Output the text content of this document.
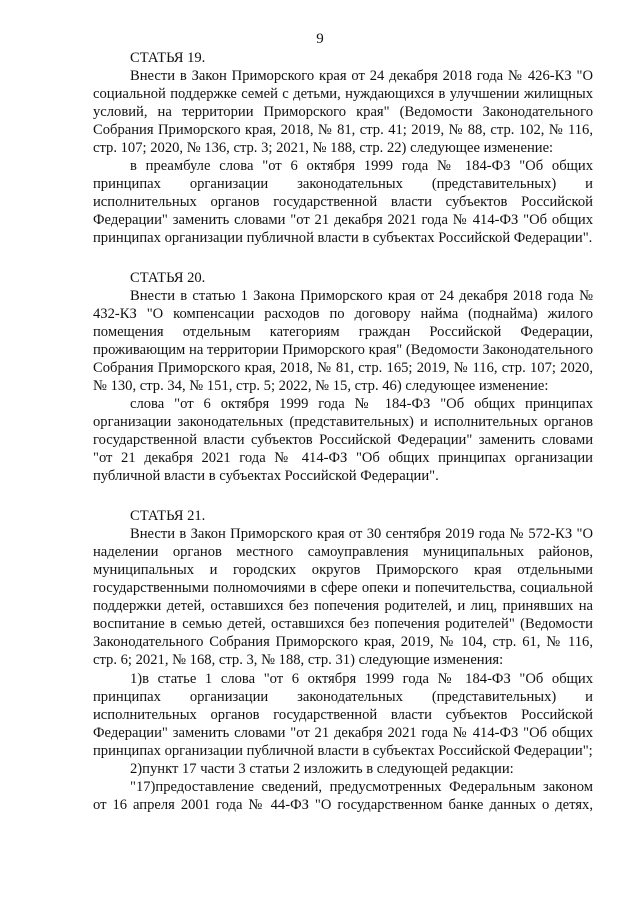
9
СТАТЬЯ 19.

Внести в Закон Приморского края от 24 декабря 2018 года № 426-КЗ "О социальной поддержке семей с детьми, нуждающихся в улучшении жилищных условий, на территории Приморского края" (Ведомости Законодательного Собрания Приморского края, 2018, № 81, стр. 41; 2019, № 88, стр. 102, № 116, стр. 107; 2020, № 136, стр. 3; 2021, № 188, стр. 22) следующее изменение:

в преамбуле слова "от 6 октября 1999 года № 184-ФЗ "Об общих принципах организации законодательных (представительных) и исполнительных органов государственной власти субъектов Российской Федерации" заменить словами "от 21 декабря 2021 года № 414-ФЗ "Об общих принципах организации публичной власти в субъектах Российской Федерации".

СТАТЬЯ 20.

Внести в статью 1 Закона Приморского края от 24 декабря 2018 года № 432-КЗ "О компенсации расходов по договору найма (поднайма) жилого помещения отдельным категориям граждан Российской Федерации, проживающим на территории Приморского края" (Ведомости Законодательного Собрания Приморского края, 2018, № 81, стр. 165; 2019, № 116, стр. 107; 2020, № 130, стр. 34, № 151, стр. 5; 2022, № 15, стр. 46) следующее изменение:

слова "от 6 октября 1999 года № 184-ФЗ "Об общих принципах организации законодательных (представительных) и исполнительных органов государственной власти субъектов Российской Федерации" заменить словами "от 21 декабря 2021 года № 414-ФЗ "Об общих принципах организации публичной власти в субъектах Российской Федерации".

СТАТЬЯ 21.

Внести в Закон Приморского края от 30 сентября 2019 года № 572-КЗ "О наделении органов местного самоуправления муниципальных районов, муниципальных и городских округов Приморского края отдельными государственными полномочиями в сфере опеки и попечительства, социальной поддержки детей, оставшихся без попечения родителей, и лиц, принявших на воспитание в семью детей, оставшихся без попечения родителей" (Ведомости Законодательного Собрания Приморского края, 2019, № 104, стр. 61, № 116, стр. 6; 2021, № 168, стр. 3, № 188, стр. 31) следующие изменения:

1)в статье 1 слова "от 6 октября 1999 года № 184-ФЗ "Об общих принципах организации законодательных (представительных) и исполнительных органов государственной власти субъектов Российской Федерации" заменить словами "от 21 декабря 2021 года № 414-ФЗ "Об общих принципах организации публичной власти в субъектах Российской Федерации";

2)пункт 17 части 3 статьи 2 изложить в следующей редакции:

"17)предоставление сведений, предусмотренных Федеральным законом от 16 апреля 2001 года № 44-ФЗ "О государственном банке данных о детях,
